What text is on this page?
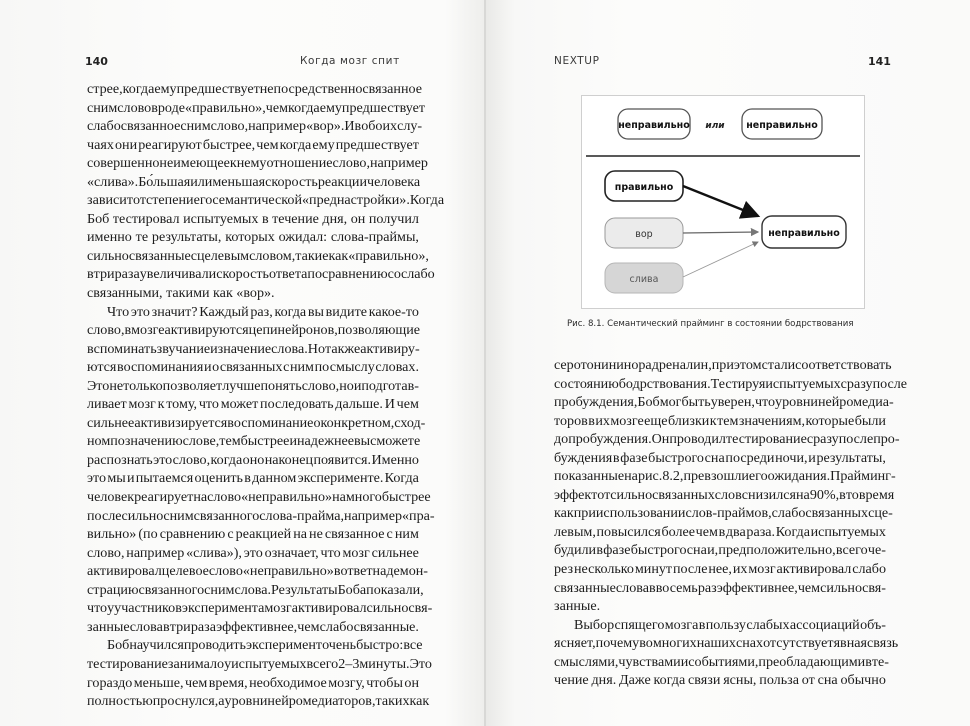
140	Когда мозг спит	NEXTUP	141
стрее, когда ему предшествует непосредственно связанное
с ним слово вроде «правильно», чем когда ему предшествует
слабо связанное с ним слово, например «вор». И в обоих слу-
чаях они реагируют быстрее, чем когда ему предшествует
совершенно не имеющее к нему отношение слово, например
«слива». Бо́льшая или меньшая скорость реакции человека
зависит от степени его семантической «преднастройки». Когда
Боб тестировал испытуемых в течение дня, он получил
именно те результаты, которых ожидал: слова-праймы,
сильно связанные с целевым словом, такие как «правильно»,
в три раза увеличивали скорость ответа по сравнению со слабо
связанными, такими как «вор».
Что это значит? Каждый раз, когда вы видите какое-то
слово, в мозге активируются цепи нейронов, позволяющие
вспоминать звучание и значение слова. Но также активиру-
ются воспоминания и о связанных с ним по смыслу словах.
Это не только позволяет лучше понять слово, но и подготав-
ливает мозг к тому, что может последовать дальше. И чем
сильнее активизируется воспоминание о конкретном, сход-
ном по значению слове, тем быстрее и надежнее вы сможете
распознать это слово, когда оно наконец появится. Именно
это мы и пытаемся оценить в данном эксперименте. Когда
человек реагирует на слово «неправильно» намного быстрее
после сильно с ним связанного слова-прайма, например «пра-
вильно» (по сравнению с реакцией на не связанное с ним
слово, например «слива»), это означает, что мозг сильнее
активировал целевое слово «неправильно» в ответ на демон-
страцию связанного с ним слова. Результаты Боба показали,
что у участников эксперимента мозг активировал сильно свя-
занные слова в три раза эффективнее, чем слабо связанные.
Боб научился проводить эксперимент очень быстро: все
тестирование занимало у испытуемых всего 2–3 минуты. Это
гораздо меньше, чем время, необходимое мозгу, чтобы он
полностью проснулся, а уровни нейромедиаторов, таких как
неправильно или неправильно
правильно
вор
слива
неправильно
Рис. 8.1. Семантический прайминг в состоянии бодрствования
серотонин и норадреналин, при этом стали соответствовать
состоянию бодрствования. Тестируя испытуемых сразу после
пробуждения, Боб мог быть уверен, что уровни нейромедиа-
торов в их мозге еще близки к тем значениям, которые были
до пробуждения. Он проводил тестирование сразу после про-
буждения в фазе быстрого сна посреди ночи, и результаты,
показанные на рис. 8.2, превзошли его ожидания. Прайминг-
эффект от сильно связанных слов снизился на 90%, в то время
как при использовании слов-праймов, слабо связанных с це-
левым, повысился более чем в два раза. Когда испытуемых
будили в фазе быстрого сна и, предположительно, всего че-
рез несколько минут после нее, их мозг активировал слабо
связанные слова в восемь раз эффективнее, чем сильно свя-
занные.
Выбор спящего мозга в пользу слабых ассоциаций объ-
ясняет, почему во многих наших снах отсутствует явная связь
с мыслями, чувствами и событиями, преобладающими в те-
чение дня. Даже когда связи ясны, польза от сна обычно
